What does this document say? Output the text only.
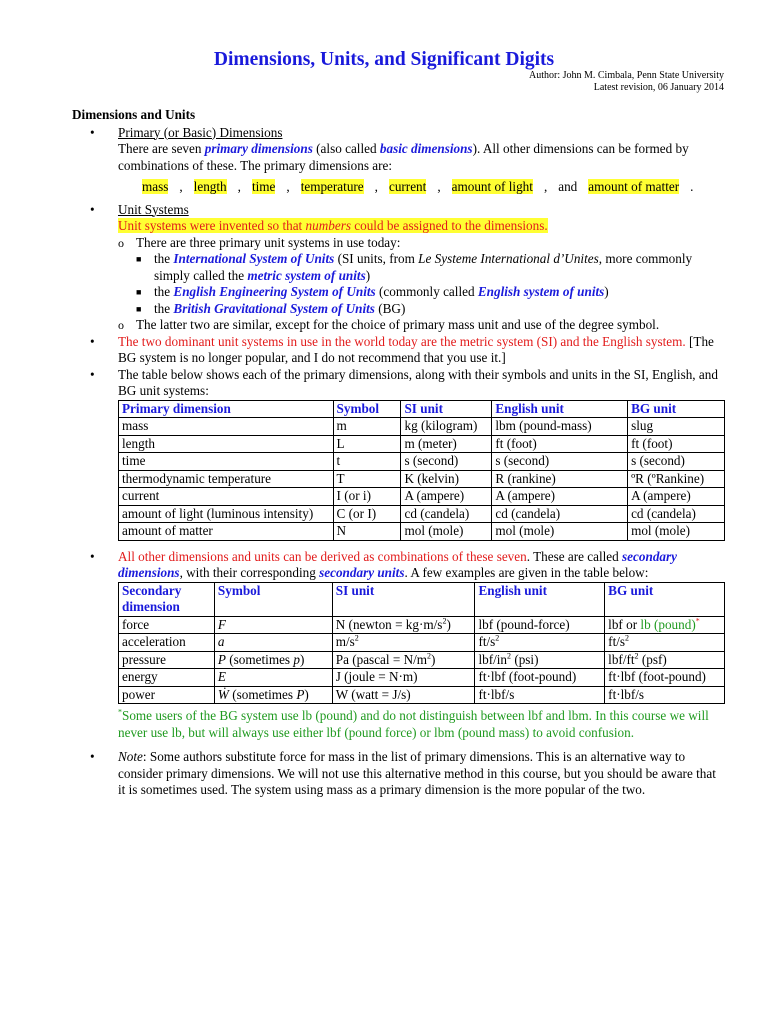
Dimensions, Units, and Significant Digits
Author: John M. Cimbala, Penn State University
Latest revision, 06 January 2014
Dimensions and Units
• Primary (or Basic) Dimensions
There are seven primary dimensions (also called basic dimensions). All other dimensions can be formed by combinations of these. The primary dimensions are:
mass , length , time , temperature , current , amount of light , and amount of matter .
• Unit Systems
Unit systems were invented so that numbers could be assigned to the dimensions.
o There are three primary unit systems in use today:
■ the International System of Units (SI units, from Le Systeme International d’Unites, more commonly simply called the metric system of units)
■ the English Engineering System of Units (commonly called English system of units)
■ the British Gravitational System of Units (BG)
o The latter two are similar, except for the choice of primary mass unit and use of the degree symbol.
• The two dominant unit systems in use in the world today are the metric system (SI) and the English system. [The BG system is no longer popular, and I do not recommend that you use it.]
• The table below shows each of the primary dimensions, along with their symbols and units in the SI, English, and BG unit systems:
Primary dimension	Symbol	SI unit	English unit	BG unit
mass	m	kg (kilogram)	lbm (pound-mass)	slug
length	L	m (meter)	ft (foot)	ft (foot)
time	t	s (second)	s (second)	s (second)
thermodynamic temperature	T	K (kelvin)	R (rankine)	ºR (ºRankine)
current	I (or i)	A (ampere)	A (ampere)	A (ampere)
amount of light (luminous intensity)	C (or I)	cd (candela)	cd (candela)	cd (candela)
amount of matter	N	mol (mole)	mol (mole)	mol (mole)
• All other dimensions and units can be derived as combinations of these seven. These are called secondary dimensions, with their corresponding secondary units. A few examples are given in the table below:
Secondary dimension	Symbol	SI unit	English unit	BG unit
force	F	N (newton = $kg\cdot m/s^2$)	lbf (pound-force)	lbf or lb (pound)*
acceleration	a	$m/s^2$	$ft/s^2$	$ft/s^2$
pressure	P (sometimes p)	Pa (pascal = $N/m^2$)	lbf/$in^2$ (psi)	lbf/$ft^2$ (psf)
energy	E	J (joule = N·m)	ft·lbf (foot-pound)	ft·lbf (foot-pound)
power	Ẇ (sometimes P)	W (watt = J/s)	ft·lbf/s	ft·lbf/s
*Some users of the BG system use lb (pound) and do not distinguish between lbf and lbm. In this course we will never use lb, but will always use either lbf (pound force) or lbm (pound mass) to avoid confusion.
• Note: Some authors substitute force for mass in the list of primary dimensions. This is an alternative way to consider primary dimensions. We will not use this alternative method in this course, but you should be aware that it is sometimes used. The system using mass as a primary dimension is the more popular of the two.
